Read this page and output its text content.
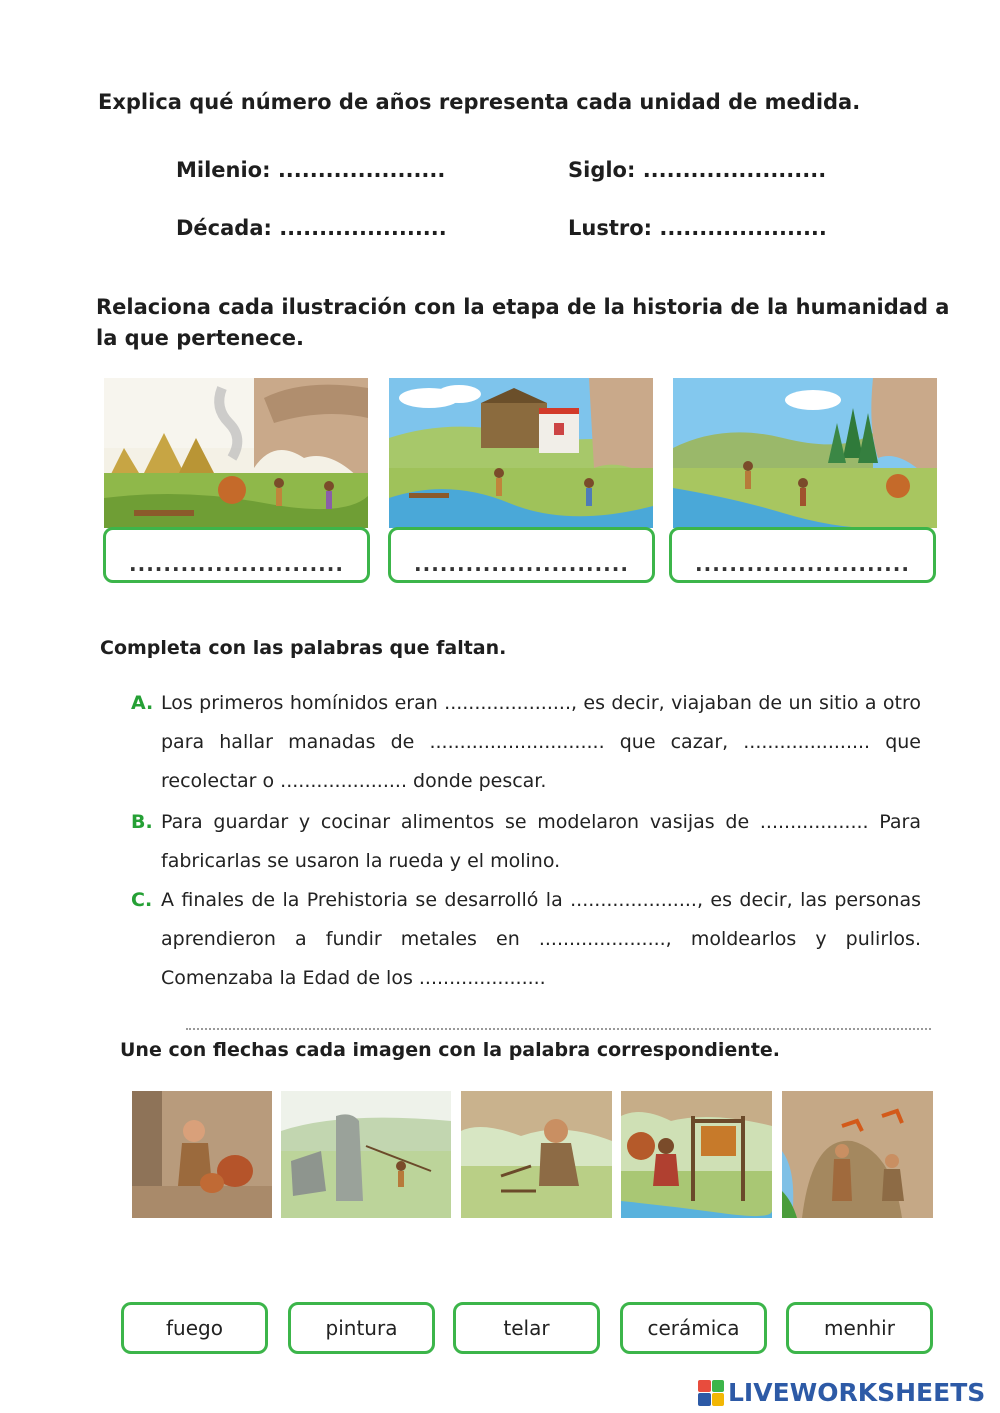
Explica qué número de años representa cada unidad de medida.
Milenio: .....................	Siglo: .......................
Década: .....................	Lustro: .....................
Relaciona cada ilustración con la etapa de la historia de la humanidad a la que pertenece.
.........................	.........................	.........................
Completa con las palabras que faltan.
A. Los primeros homínidos eran ....................., es decir, viajaban de un sitio a otro para hallar manadas de ............................. que cazar, ..................... que recolectar o ..................... donde pescar.
B. Para guardar y cocinar alimentos se modelaron vasijas de .................. Para fabricarlas se usaron la rueda y el molino.
C. A finales de la Prehistoria se desarrolló la ....................., es decir, las personas aprendieron a fundir metales en ....................., moldearlos y pulirlos. Comenzaba la Edad de los .....................
Une con flechas cada imagen con la palabra correspondiente.
fuego	pintura	telar	cerámica	menhir
LIVEWORKSHEETS
